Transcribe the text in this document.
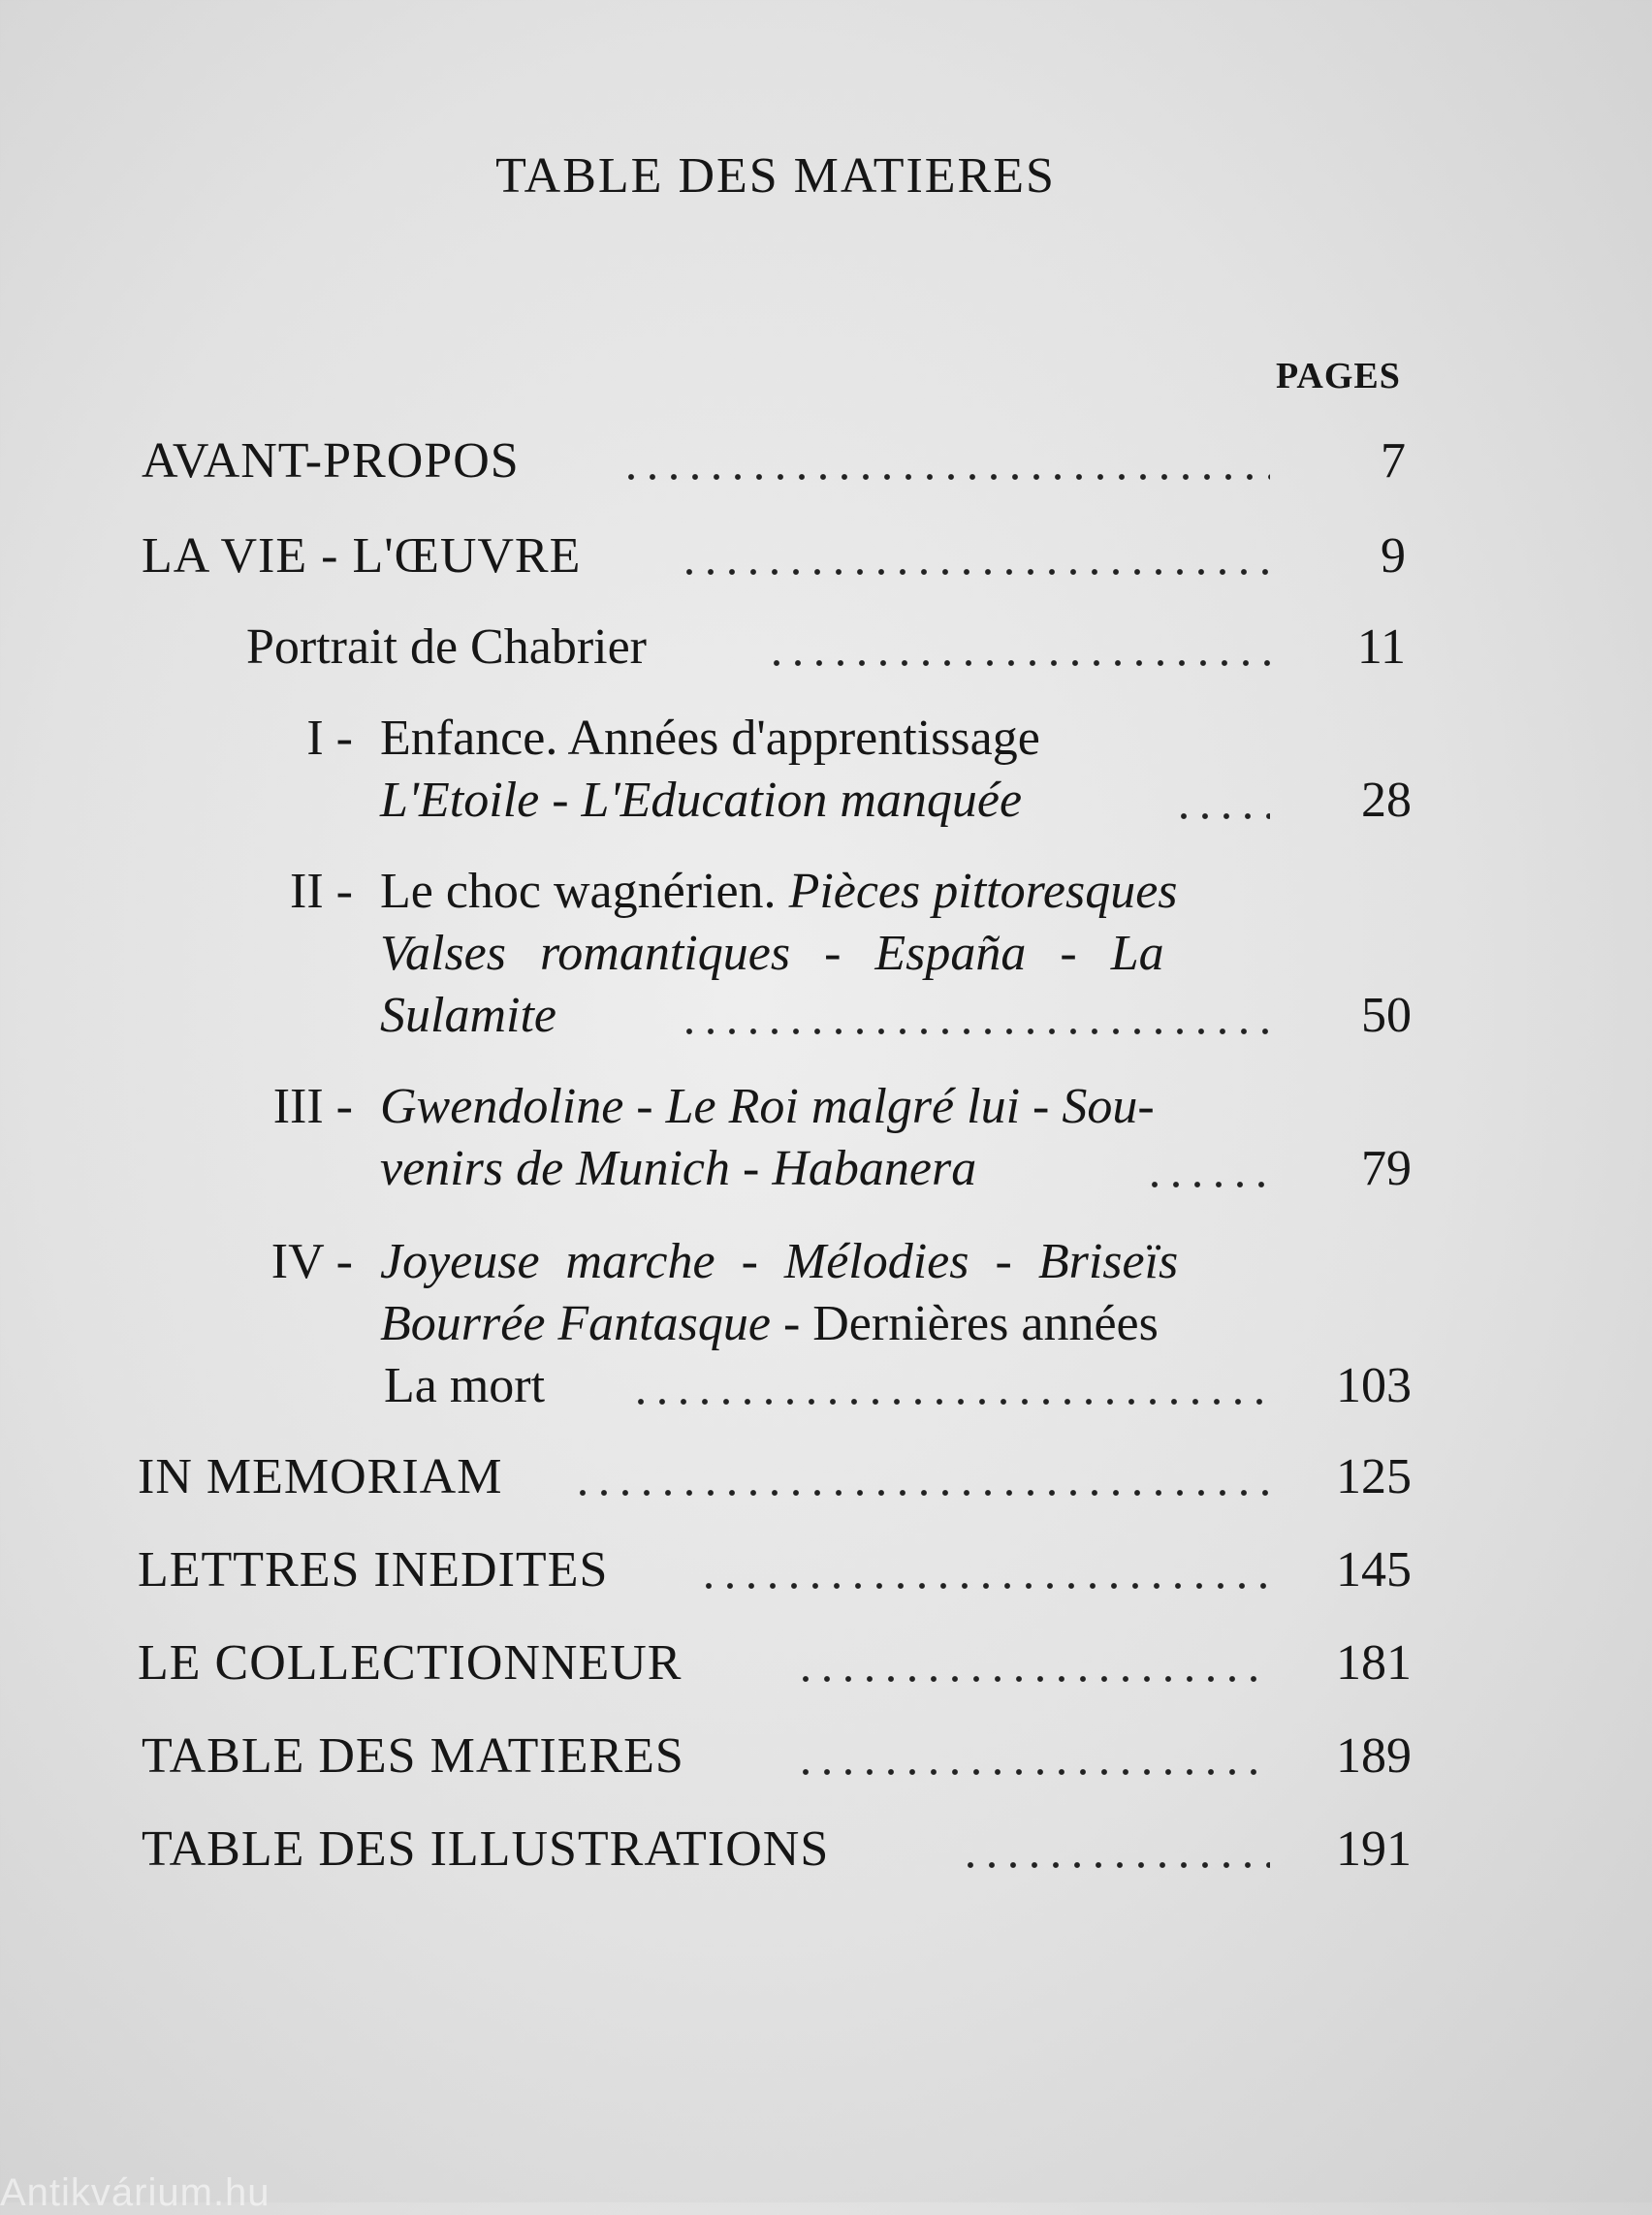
TABLE DES MATIERES
PAGES
AVANT-PROPOS	7
LA VIE - L'ŒUVRE	9
Portrait de Chabrier	11
I - Enfance. Années d'apprentissage
L'Etoile - L'Education manquée	28
II - Le choc wagnérien. Pièces pittoresques
Valses romantiques - España - La
Sulamite	50
III - Gwendoline - Le Roi malgré lui - Sou-
venirs de Munich - Habanera	79
IV - Joyeuse marche - Mélodies - Briseïs
Bourrée Fantasque - Dernières années
La mort	103
IN MEMORIAM	125
LETTRES INEDITES	145
LE COLLECTIONNEUR	181
TABLE DES MATIERES	189
TABLE DES ILLUSTRATIONS	191
Antikvárium.hu
